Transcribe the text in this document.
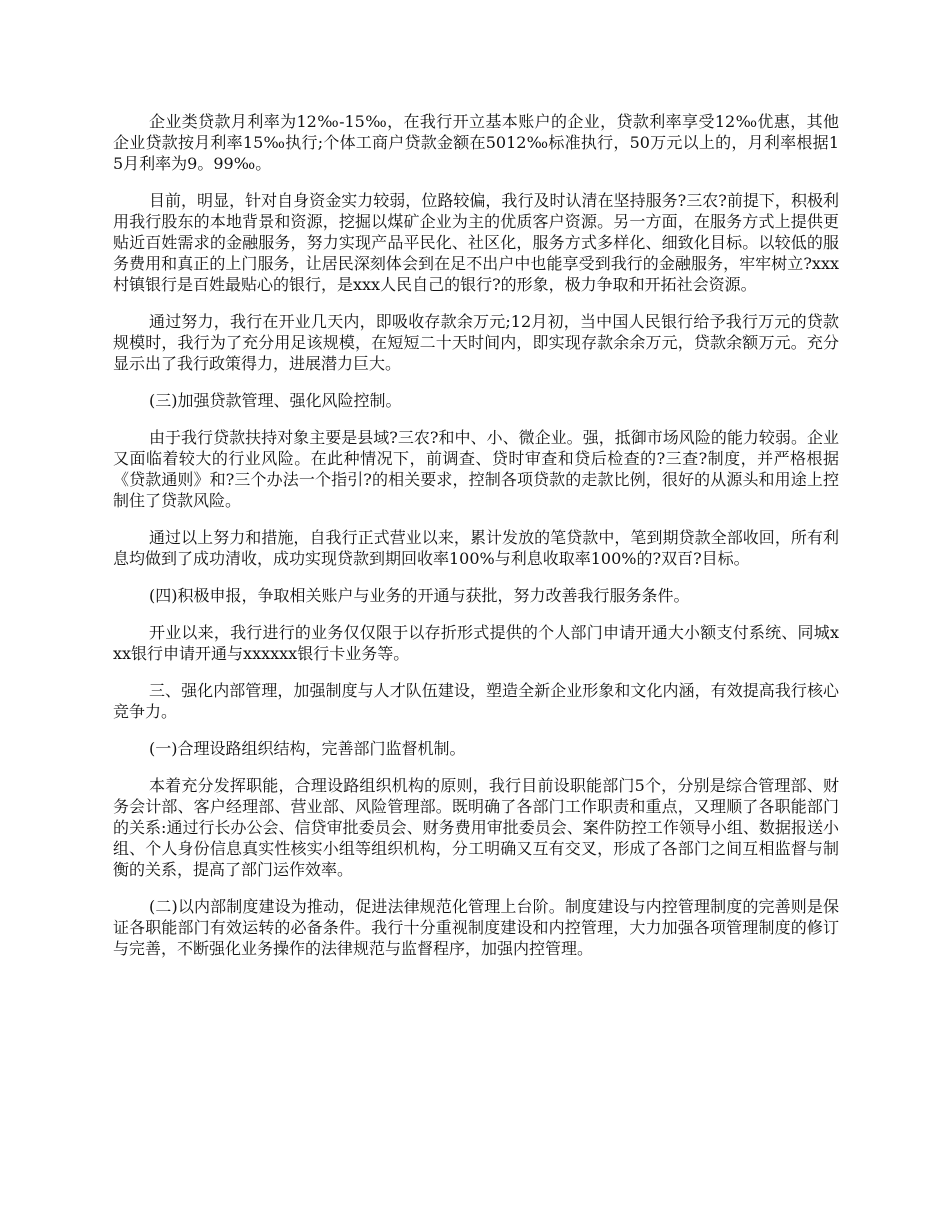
企业类贷款月利率为12‰-15‰，在我行开立基本账户的企业，贷款利率享受12‰优惠，其他企业贷款按月利率15‰执行;个体工商户贷款金额在5012‰标准执行，50万元以上的，月利率根据15月利率为9。99‰。

目前，明显，针对自身资金实力较弱，位路较偏，我行及时认清在坚持服务?三农?前提下，积极利用我行股东的本地背景和资源，挖掘以煤矿企业为主的优质客户资源。另一方面，在服务方式上提供更贴近百姓需求的金融服务，努力实现产品平民化、社区化，服务方式多样化、细致化目标。以较低的服务费用和真正的上门服务，让居民深刻体会到在足不出户中也能享受到我行的金融服务，牢牢树立?xxx村镇银行是百姓最贴心的银行，是xxx人民自己的银行?的形象，极力争取和开拓社会资源。

通过努力，我行在开业几天内，即吸收存款余万元;12月初，当中国人民银行给予我行万元的贷款规模时，我行为了充分用足该规模，在短短二十天时间内，即实现存款余余万元，贷款余额万元。充分显示出了我行政策得力，进展潜力巨大。

(三)加强贷款管理、强化风险控制。

由于我行贷款扶持对象主要是县域?三农?和中、小、微企业。强，抵御市场风险的能力较弱。企业又面临着较大的行业风险。在此种情况下，前调查、贷时审查和贷后检查的?三查?制度，并严格根据《贷款通则》和?三个办法一个指引?的相关要求，控制各项贷款的走款比例，很好的从源头和用途上控制住了贷款风险。

通过以上努力和措施，自我行正式营业以来，累计发放的笔贷款中，笔到期贷款全部收回，所有利息均做到了成功清收，成功实现贷款到期回收率100%与利息收取率100%的?双百?目标。

(四)积极申报，争取相关账户与业务的开通与获批，努力改善我行服务条件。

开业以来，我行进行的业务仅仅限于以存折形式提供的个人部门申请开通大小额支付系统、同城xxx银行申请开通与xxxxxx银行卡业务等。

三、强化内部管理，加强制度与人才队伍建设，塑造全新企业形象和文化内涵，有效提高我行核心竞争力。

(一)合理设路组织结构，完善部门监督机制。

本着充分发挥职能，合理设路组织机构的原则，我行目前设职能部门5个，分别是综合管理部、财务会计部、客户经理部、营业部、风险管理部。既明确了各部门工作职责和重点，又理顺了各职能部门的关系:通过行长办公会、信贷审批委员会、财务费用审批委员会、案件防控工作领导小组、数据报送小组、个人身份信息真实性核实小组等组织机构，分工明确又互有交叉，形成了各部门之间互相监督与制衡的关系，提高了部门运作效率。

(二)以内部制度建设为推动，促进法律规范化管理上台阶。制度建设与内控管理制度的完善则是保证各职能部门有效运转的必备条件。我行十分重视制度建设和内控管理，大力加强各项管理制度的修订与完善，不断强化业务操作的法律规范与监督程序，加强内控管理。
